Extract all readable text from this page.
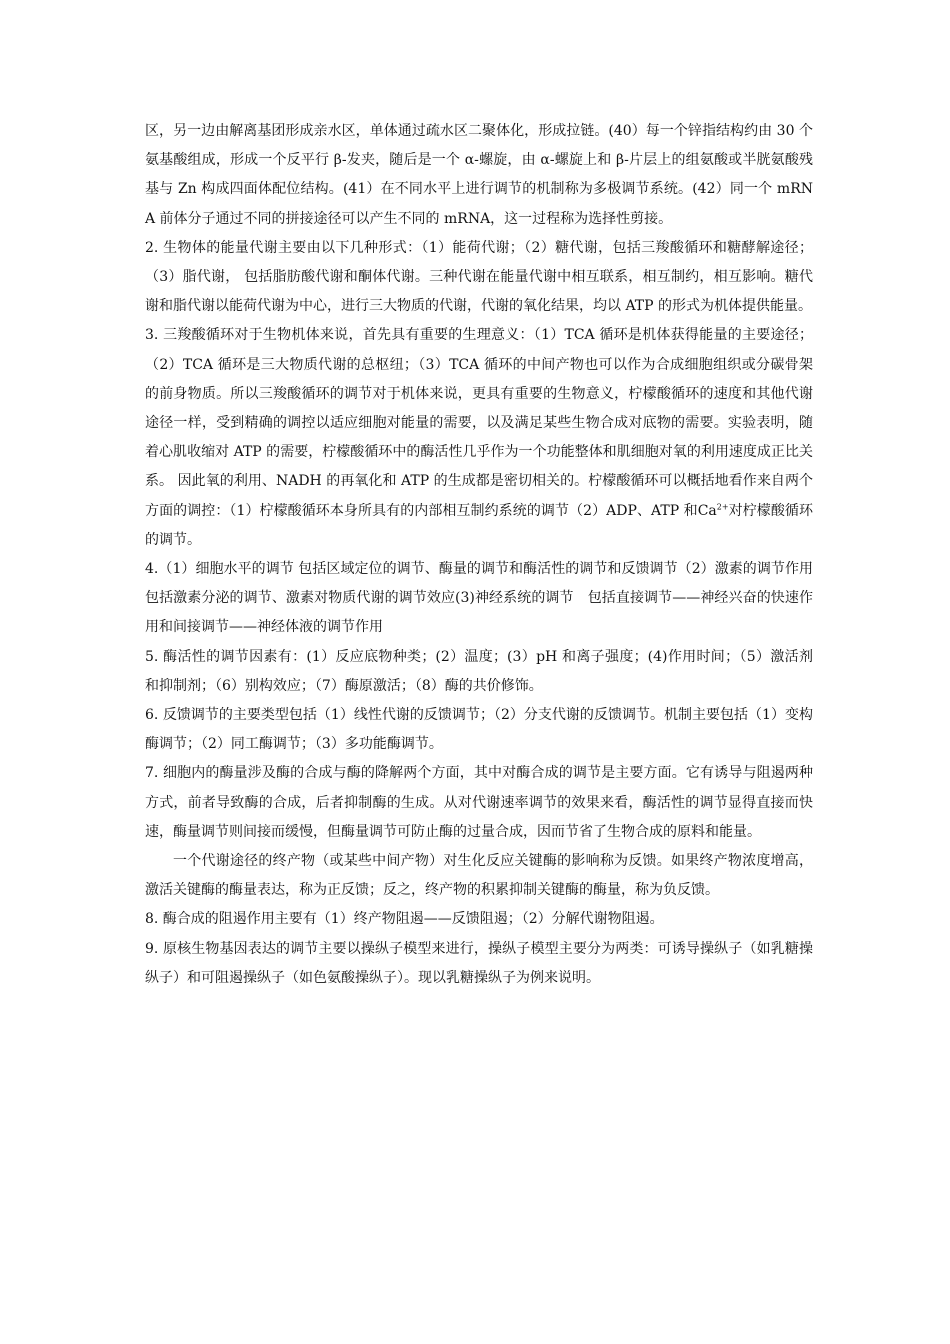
区，另一边由解离基团形成亲水区，单体通过疏水区二聚体化，形成拉链。(40）每一个锌指结构约由 30 个氨基酸组成，形成一个反平行 β-发夹，随后是一个 α-螺旋，由 α-螺旋上和 β-片层上的组氨酸或半胱氨酸残基与 Zn 构成四面体配位结构。(41）在不同水平上进行调节的机制称为多极调节系统。(42）同一个 mRNA 前体分子通过不同的拼接途径可以产生不同的 mRNA，这一过程称为选择性剪接。

2. 生物体的能量代谢主要由以下几种形式：（1）能荷代谢；（2）糖代谢，包括三羧酸循环和糖酵解途径；（3）脂代谢， 包括脂肪酸代谢和酮体代谢。三种代谢在能量代谢中相互联系，相互制约，相互影响。糖代谢和脂代谢以能荷代谢为中心，进行三大物质的代谢，代谢的氧化结果，均以 ATP 的形式为机体提供能量。

3. 三羧酸循环对于生物机体来说，首先具有重要的生理意义：（1）TCA 循环是机体获得能量的主要途径；（2）TCA 循环是三大物质代谢的总枢纽；（3）TCA 循环的中间产物也可以作为合成细胞组织或分碳骨架的前身物质。所以三羧酸循环的调节对于机体来说，更具有重要的生物意义，柠檬酸循环的速度和其他代谢途径一样，受到精确的调控以适应细胞对能量的需要，以及满足某些生物合成对底物的需要。实验表明，随着心肌收缩对 ATP 的需要，柠檬酸循环中的酶活性几乎作为一个功能整体和肌细胞对氧的利用速度成正比关系。 因此氧的利用、NADH 的再氧化和 ATP 的生成都是密切相关的。柠檬酸循环可以概括地看作来自两个方面的调控：（1）柠檬酸循环本身所具有的内部相互制约系统的调节（2）ADP、ATP 和$Ca^{2+}$对柠檬酸循环的调节。

4.（1）细胞水平的调节 包括区域定位的调节、酶量的调节和酶活性的调节和反馈调节（2）激素的调节作用 包括激素分泌的调节、激素对物质代谢的调节效应(3)神经系统的调节　包括直接调节——神经兴奋的快速作用和间接调节——神经体液的调节作用

5. 酶活性的调节因素有：(1）反应底物种类；(2）温度；(3）pH 和离子强度；(4)作用时间；（5）激活剂和抑制剂；（6）别构效应；（7）酶原激活；（8）酶的共价修饰。

6. 反馈调节的主要类型包括（1）线性代谢的反馈调节；（2）分支代谢的反馈调节。机制主要包括（1）变构酶调节；（2）同工酶调节；（3）多功能酶调节。

7. 细胞内的酶量涉及酶的合成与酶的降解两个方面，其中对酶合成的调节是主要方面。它有诱导与阻遏两种方式，前者导致酶的合成，后者抑制酶的生成。从对代谢速率调节的效果来看，酶活性的调节显得直接而快速，酶量调节则间接而缓慢，但酶量调节可防止酶的过量合成，因而节省了生物合成的原料和能量。

一个代谢途径的终产物（或某些中间产物）对生化反应关键酶的影响称为反馈。如果终产物浓度增高，激活关键酶的酶量表达，称为正反馈；反之，终产物的积累抑制关键酶的酶量，称为负反馈。

8. 酶合成的阻遏作用主要有（1）终产物阻遏——反馈阻遏；（2）分解代谢物阻遏。

9. 原核生物基因表达的调节主要以操纵子模型来进行，操纵子模型主要分为两类：可诱导操纵子（如乳糖操纵子）和可阻遏操纵子（如色氨酸操纵子）。现以乳糖操纵子为例来说明。
